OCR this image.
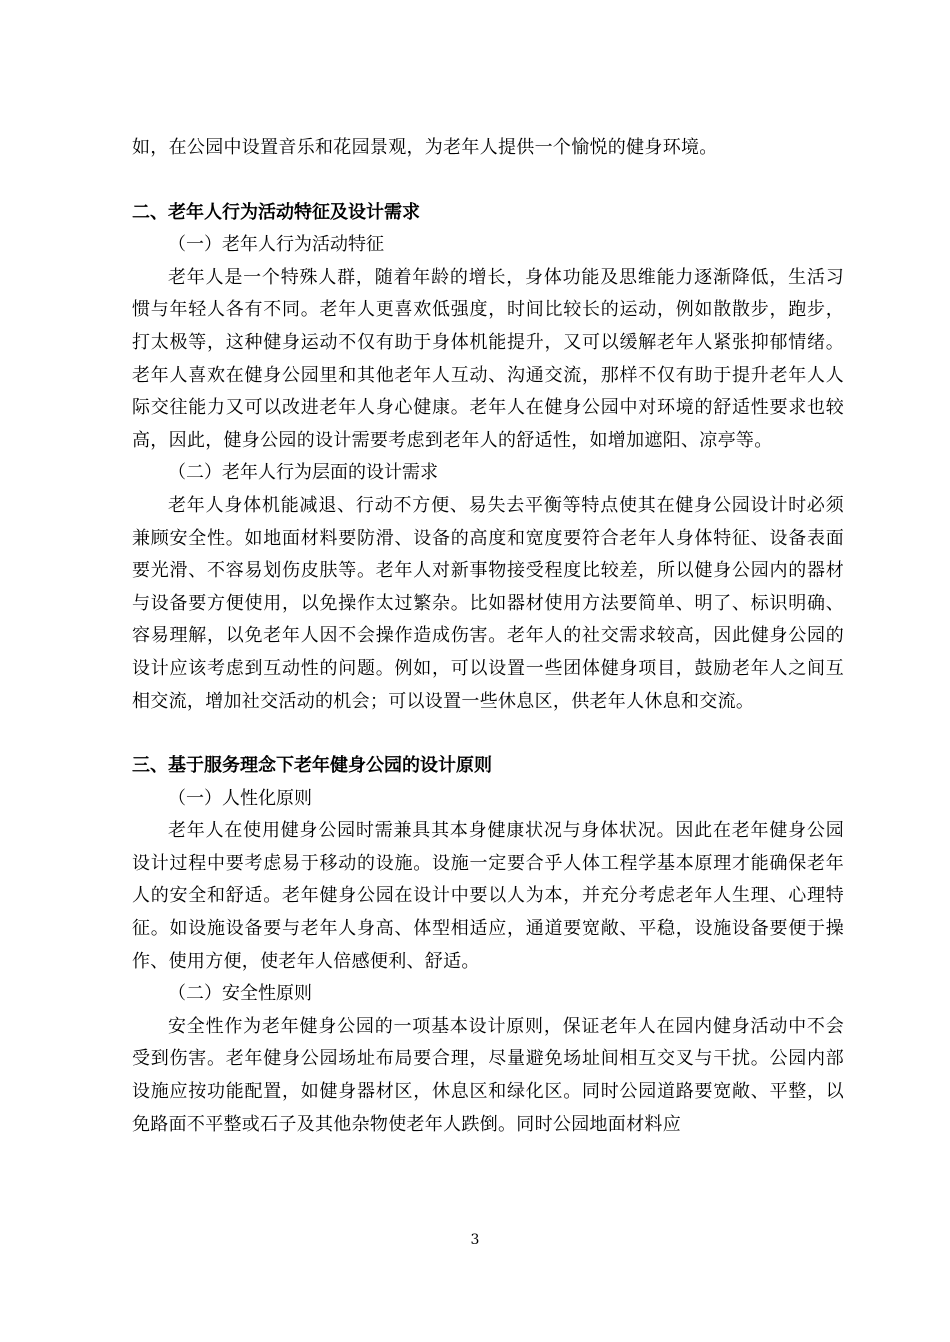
如，在公园中设置音乐和花园景观，为老年人提供一个愉悦的健身环境。

二、老年人行为活动特征及设计需求

（一）老年人行为活动特征

老年人是一个特殊人群，随着年龄的增长，身体功能及思维能力逐渐降低，生活习惯与年轻人各有不同。老年人更喜欢低强度，时间比较长的运动，例如散散步，跑步，打太极等，这种健身运动不仅有助于身体机能提升，又可以缓解老年人紧张抑郁情绪。老年人喜欢在健身公园里和其他老年人互动、沟通交流，那样不仅有助于提升老年人人际交往能力又可以改进老年人身心健康。老年人在健身公园中对环境的舒适性要求也较高，因此，健身公园的设计需要考虑到老年人的舒适性，如增加遮阳、凉亭等。

（二）老年人行为层面的设计需求

老年人身体机能减退、行动不方便、易失去平衡等特点使其在健身公园设计时必须兼顾安全性。如地面材料要防滑、设备的高度和宽度要符合老年人身体特征、设备表面要光滑、不容易划伤皮肤等。老年人对新事物接受程度比较差，所以健身公园内的器材与设备要方便使用，以免操作太过繁杂。比如器材使用方法要简单、明了、标识明确、容易理解，以免老年人因不会操作造成伤害。老年人的社交需求较高，因此健身公园的设计应该考虑到互动性的问题。例如，可以设置一些团体健身项目，鼓励老年人之间互相交流，增加社交活动的机会；可以设置一些休息区，供老年人休息和交流。

三、基于服务理念下老年健身公园的设计原则

（一）人性化原则

老年人在使用健身公园时需兼具其本身健康状况与身体状况。因此在老年健身公园设计过程中要考虑易于移动的设施。设施一定要合乎人体工程学基本原理才能确保老年人的安全和舒适。老年健身公园在设计中要以人为本，并充分考虑老年人生理、心理特征。如设施设备要与老年人身高、体型相适应，通道要宽敞、平稳，设施设备要便于操作、使用方便，使老年人倍感便利、舒适。

（二）安全性原则

安全性作为老年健身公园的一项基本设计原则，保证老年人在园内健身活动中不会受到伤害。老年健身公园场址布局要合理，尽量避免场址间相互交叉与干扰。公园内部设施应按功能配置，如健身器材区，休息区和绿化区。同时公园道路要宽敞、平整，以免路面不平整或石子及其他杂物使老年人跌倒。同时公园地面材料应

3
